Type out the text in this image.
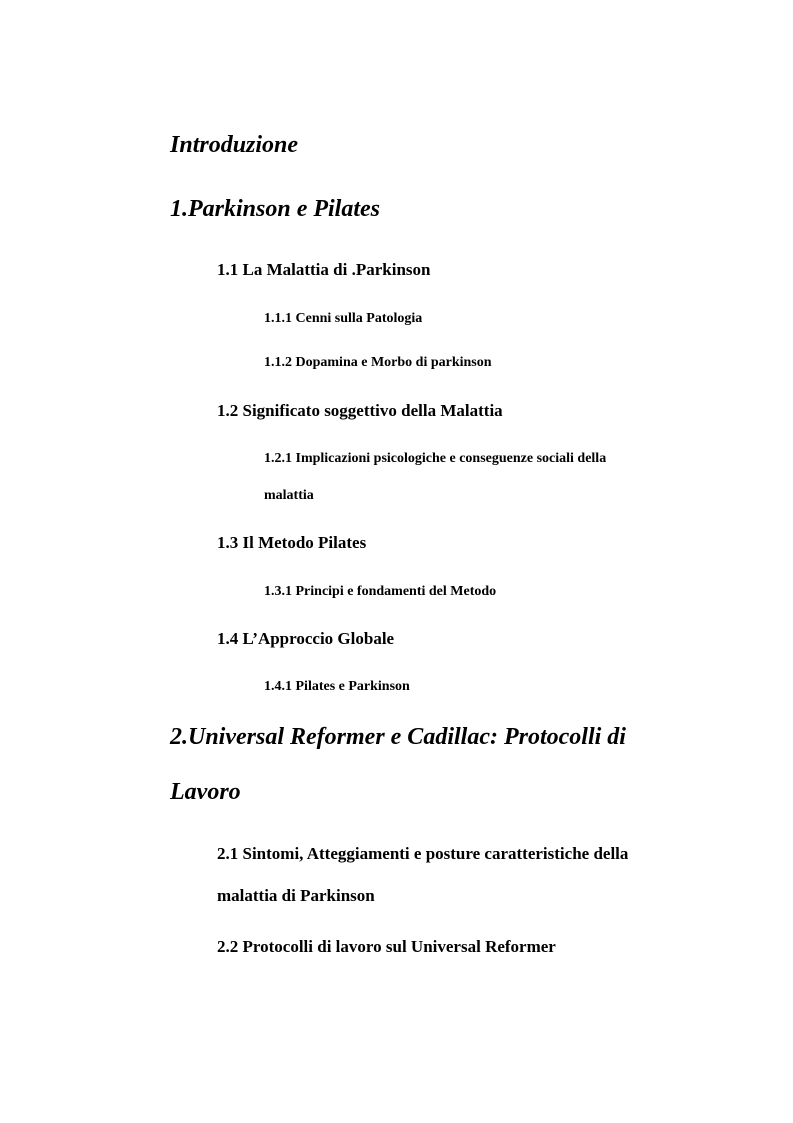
Introduzione

1.Parkinson e Pilates

1.1 La Malattia di .Parkinson

1.1.1 Cenni sulla Patologia

1.1.2 Dopamina e Morbo di parkinson

1.2 Significato soggettivo della Malattia

1.2.1 Implicazioni psicologiche e conseguenze sociali della

malattia

1.3 Il Metodo Pilates

1.3.1 Principi e fondamenti del Metodo

1.4 L’Approccio Globale

1.4.1 Pilates e Parkinson

2.Universal Reformer e Cadillac: Protocolli di

Lavoro

2.1 Sintomi, Atteggiamenti e posture caratteristiche della

malattia di Parkinson

2.2 Protocolli di lavoro sul Universal Reformer
